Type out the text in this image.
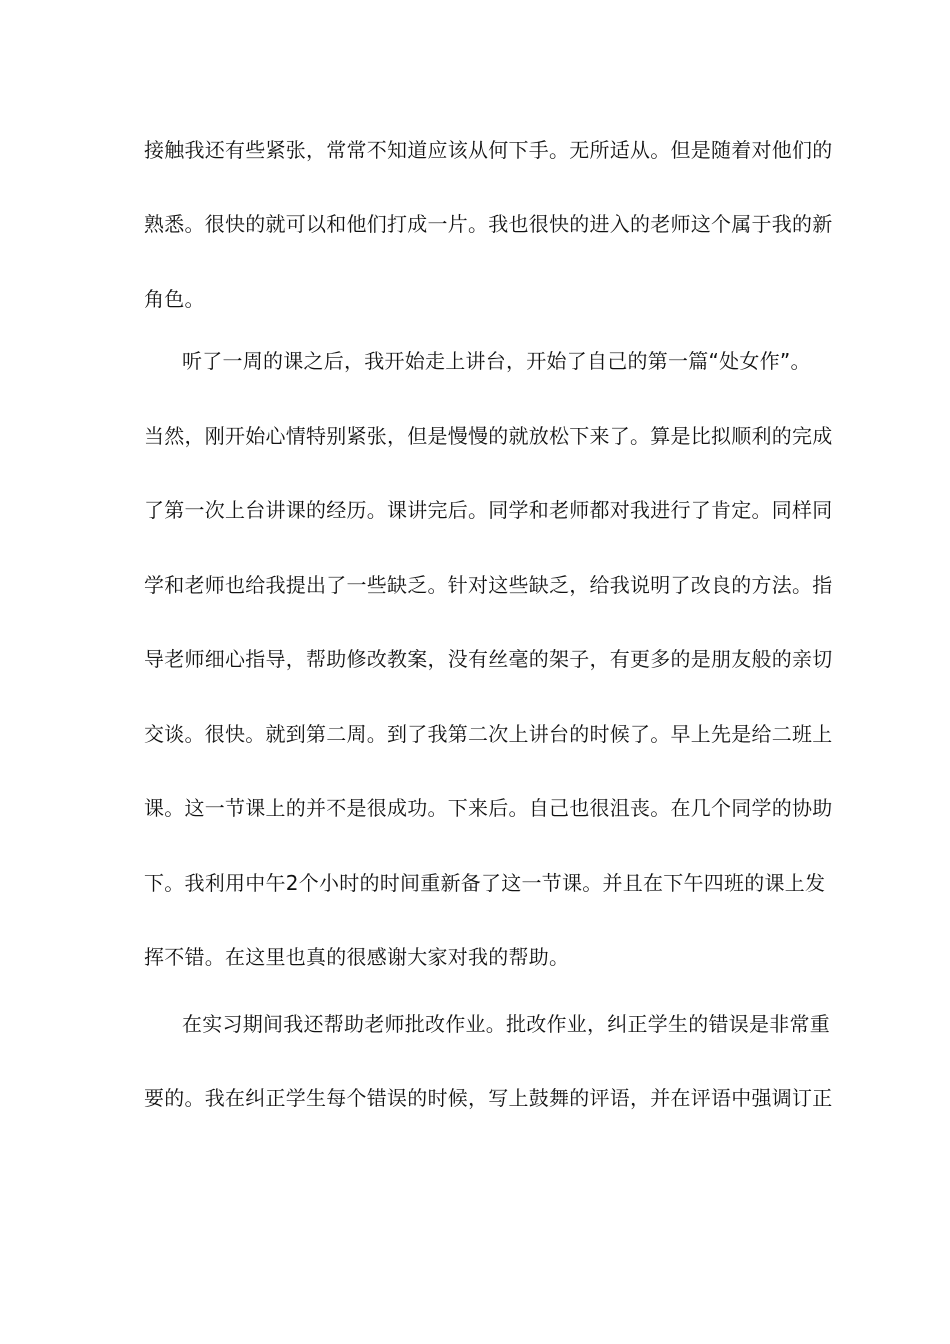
接触我还有些紧张，常常不知道应该从何下手。无所适从。但是随着对他们的
熟悉。很快的就可以和他们打成一片。我也很快的进入的老师这个属于我的新
角色。
听了一周的课之后，我开始走上讲台，开始了自己的第一篇“处女作”。
当然，刚开始心情特别紧张，但是慢慢的就放松下来了。算是比拟顺利的完成
了第一次上台讲课的经历。课讲完后。同学和老师都对我进行了肯定。同样同
学和老师也给我提出了一些缺乏。针对这些缺乏，给我说明了改良的方法。指
导老师细心指导，帮助修改教案，没有丝毫的架子，有更多的是朋友般的亲切
交谈。很快。就到第二周。到了我第二次上讲台的时候了。早上先是给二班上
课。这一节课上的并不是很成功。下来后。自己也很沮丧。在几个同学的协助
下。我利用中午2个小时的时间重新备了这一节课。并且在下午四班的课上发
挥不错。在这里也真的很感谢大家对我的帮助。
在实习期间我还帮助老师批改作业。批改作业，纠正学生的错误是非常重
要的。我在纠正学生每个错误的时候，写上鼓舞的评语，并在评语中强调订正
